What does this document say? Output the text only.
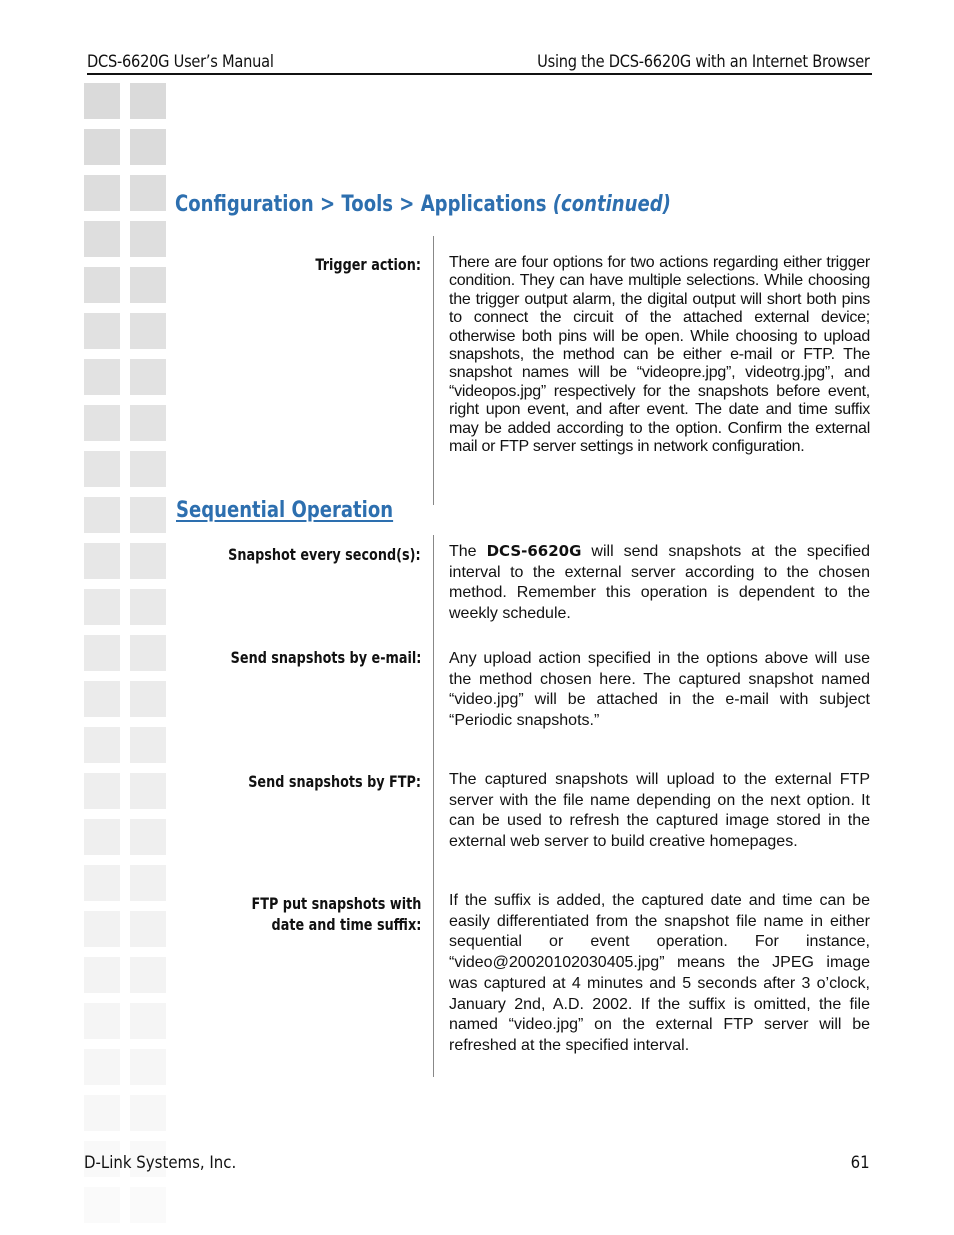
DCS-6620G User’s Manual	Using the DCS-6620G with an Internet Browser
Configuration > Tools > Applications (continued)
Trigger action: There are four options for two actions regarding either trigger condition. They can have multiple selections. While choosing the trigger output alarm, the digital output will short both pins to connect the circuit of the attached external device; otherwise both pins will be open. While choosing to upload snapshots, the method can be either e-mail or FTP. The snapshot names will be “videopre.jpg”, videotrg.jpg”, and “videopos.jpg” respectively for the snapshots before event, right upon event, and after event. The date and time suffix may be added according to the option. Confirm the external mail or FTP server settings in network configuration.
Sequential Operation
Snapshot every second(s): The DCS-6620G will send snapshots at the specified interval to the external server according to the chosen method. Remember this operation is dependent to the weekly schedule.
Send snapshots by e-mail: Any upload action specified in the options above will use the method chosen here. The captured snapshot named “video.jpg” will be attached in the e-mail with subject “Periodic snapshots.”
Send snapshots by FTP: The captured snapshots will upload to the external FTP server with the file name depending on the next option. It can be used to refresh the captured image stored in the external web server to build creative homepages.
FTP put snapshots with
date and time suffix:
If the suffix is added, the captured date and time can be easily differentiated from the snapshot file name in either sequential or event operation. For instance, “video@20020102030405.jpg” means the JPEG image was captured at 4 minutes and 5 seconds after 3 o’clock, January 2nd, A.D. 2002. If the suffix is omitted, the file named “video.jpg” on the external FTP server will be refreshed at the specified interval.
D-Link Systems, Inc.	61
